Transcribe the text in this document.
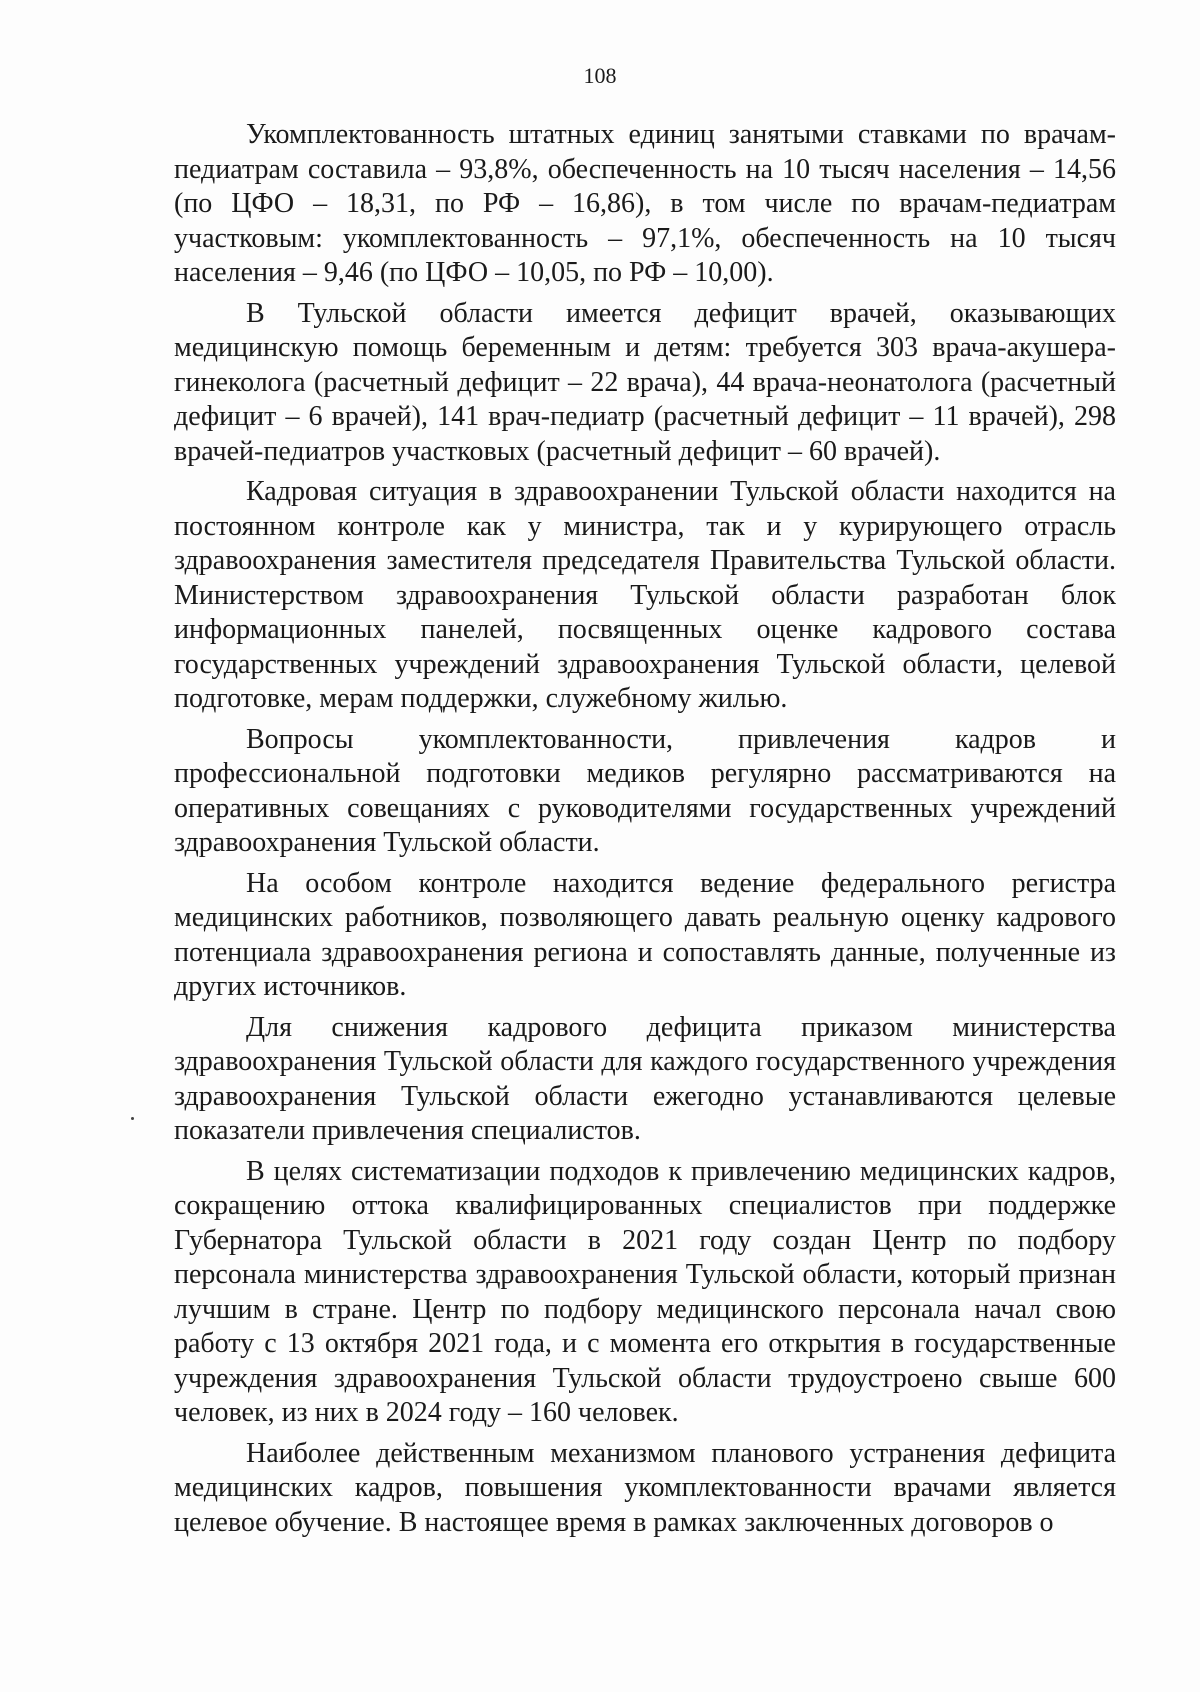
108

Укомплектованность штатных единиц занятыми ставками по врачам-педиатрам составила – 93,8%, обеспеченность на 10 тысяч населения – 14,56 (по ЦФО – 18,31, по РФ – 16,86), в том числе по врачам-педиатрам участковым: укомплектованность – 97,1%, обеспеченность на 10 тысяч населения – 9,46 (по ЦФО – 10,05, по РФ – 10,00).

В Тульской области имеется дефицит врачей, оказывающих медицинскую помощь беременным и детям: требуется 303 врача-акушера-гинеколога (расчетный дефицит – 22 врача), 44 врача-неонатолога (расчетный дефицит – 6 врачей), 141 врач-педиатр (расчетный дефицит – 11 врачей), 298 врачей-педиатров участковых (расчетный дефицит – 60 врачей).

Кадровая ситуация в здравоохранении Тульской области находится на постоянном контроле как у министра, так и у курирующего отрасль здравоохранения заместителя председателя Правительства Тульской области. Министерством здравоохранения Тульской области разработан блок информационных панелей, посвященных оценке кадрового состава государственных учреждений здравоохранения Тульской области, целевой подготовке, мерам поддержки, служебному жилью.

Вопросы укомплектованности, привлечения кадров и профессиональной подготовки медиков регулярно рассматриваются на оперативных совещаниях с руководителями государственных учреждений здравоохранения Тульской области.

На особом контроле находится ведение федерального регистра медицинских работников, позволяющего давать реальную оценку кадрового потенциала здравоохранения региона и сопоставлять данные, полученные из других источников.

Для снижения кадрового дефицита приказом министерства здравоохранения Тульской области для каждого государственного учреждения здравоохранения Тульской области ежегодно устанавливаются целевые показатели привлечения специалистов.

В целях систематизации подходов к привлечению медицинских кадров, сокращению оттока квалифицированных специалистов при поддержке Губернатора Тульской области в 2021 году создан Центр по подбору персонала министерства здравоохранения Тульской области, который признан лучшим в стране. Центр по подбору медицинского персонала начал свою работу с 13 октября 2021 года, и с момента его открытия в государственные учреждения здравоохранения Тульской области трудоустроено свыше 600 человек, из них в 2024 году – 160 человек.

Наиболее действенным механизмом планового устранения дефицита медицинских кадров, повышения укомплектованности врачами является целевое обучение. В настоящее время в рамках заключенных договоров о
